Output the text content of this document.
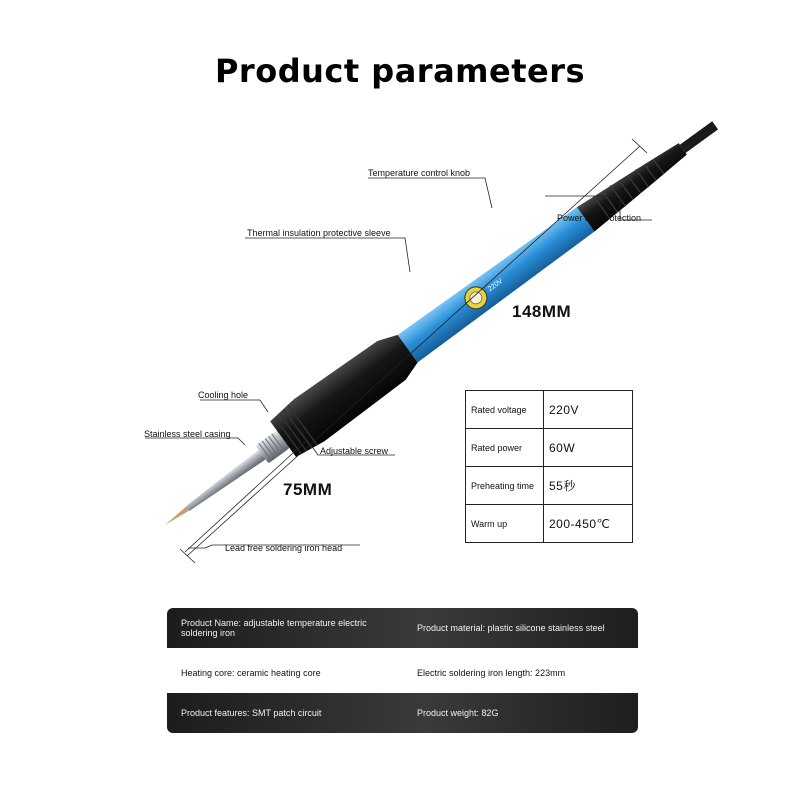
Product parameters
220V
Temperature control knob
Power line protection
Thermal insulation protective sleeve
Cooling hole
Stainless steel casing
Adjustable screw
Lead free soldering iron head
148MM
75MM
Rated voltage	220V
Rated power	60W
Preheating time	55秒
Warm up	200-450℃
Product Name: adjustable temperature electric soldering iron	Product material: plastic silicone stainless steel
Heating core: ceramic heating core	Electric soldering iron length: 223mm
Product features: SMT patch circuit	Product weight: 82G
